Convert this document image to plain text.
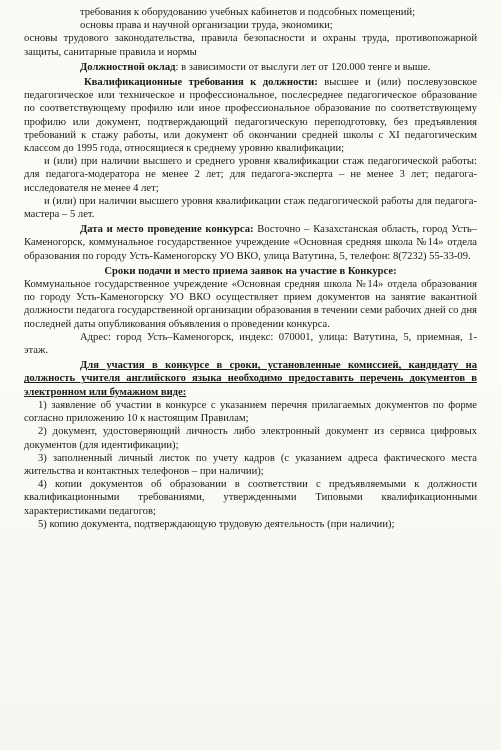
требования к оборудованию учебных кабинетов и подсобных помещений;

основы права и научной организации труда, экономики;

основы трудового законодательства, правила безопасности и охраны труда, противопожарной защиты, санитарные правила и нормы

Должностной оклад: в зависимости от выслуги лет от 120.000 тенге и выше.

Квалификационные требования к должности: высшее и (или) послевузовское педагогическое или техническое и профессиональное, послесреднее педагогическое образование по соответствующему профилю или иное профессиональное образование по соответствующему профилю или документ, подтверждающий педагогическую переподготовку, без предъявления требований к стажу работы, или документ об окончании средней школы с XI педагогическим классом до 1995 года, относящиеся к среднему уровню квалификации;

и (или) при наличии высшего и среднего уровня квалификации стаж педагогической работы: для педагога-модератора не менее 2 лет; для педагога-эксперта – не менее 3 лет; педагога-исследователя не менее 4 лет;

и (или) при наличии высшего уровня квалификации стаж педагогической работы для педагога-мастера – 5 лет.

Дата и место проведение конкурса: Восточно – Казахстанская область, город Усть–Каменогорск, коммунальное государственное учреждение «Основная средняя школа №14» отдела образования по городу Усть-Каменогорску УО ВКО, улица Ватутина, 5, телефон: 8(7232) 55-33-09.

Сроки подачи и место приема заявок на участие в Конкурсе:

Коммунальное государственное учреждение «Основная средняя школа №14» отдела образования по городу Усть-Каменогорску УО ВКО осуществляет прием документов на занятие вакантной должности педагога государственной организации образования в течении семи рабочих дней со дня последней даты опубликования объявления о проведении конкурса.

Адрес: город Усть–Каменогорск, индекс: 070001, улица: Ватутина, 5, приемная, 1- этаж.

Для участия в конкурсе в сроки, установленные комиссией, кандидату на должность учителя английского языка необходимо предоставить перечень документов в электронном или бумажном виде:

1) заявление об участии в конкурсе с указанием перечня прилагаемых документов по форме согласно приложению 10 к настоящим Правилам;

2) документ, удостоверяющий личность либо электронный документ из сервиса цифровых документов (для идентификации);

3) заполненный личный листок по учету кадров (с указанием адреса фактического места жительства и контактных телефонов – при наличии);

4) копии документов об образовании в соответствии с предъявляемыми к должности квалификационными требованиями, утвержденными Типовыми квалификационными характеристиками педагогов;

5) копию документа, подтверждающую трудовую деятельность (при наличии);
